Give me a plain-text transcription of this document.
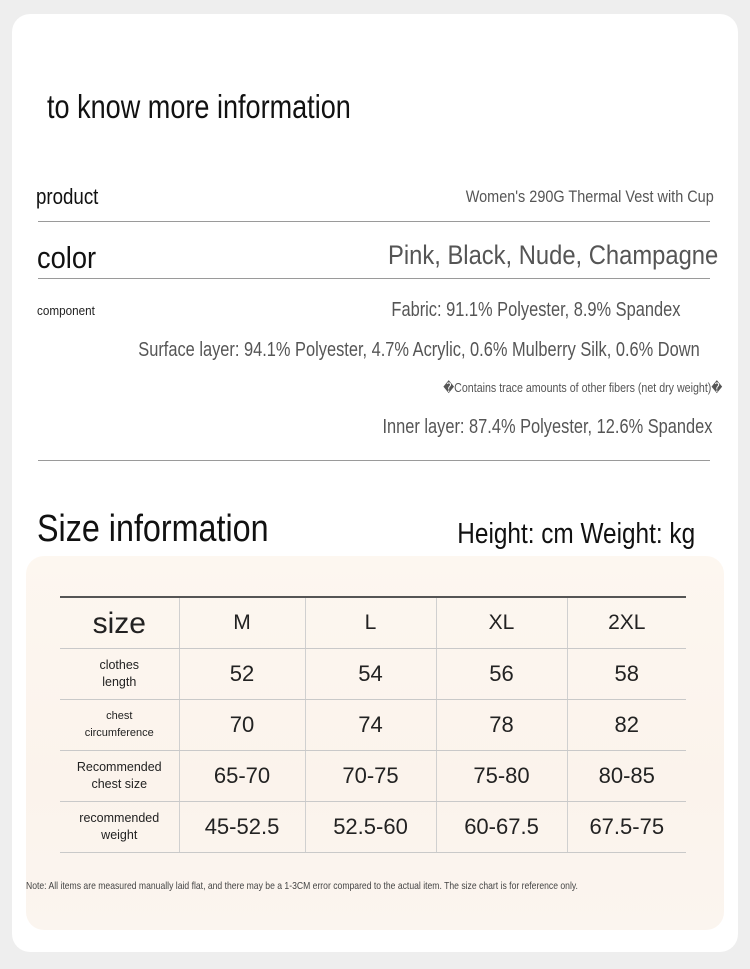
to know more information
product	Women's 290G Thermal Vest with Cup
color	Pink, Black, Nude, Champagne
component	Fabric: 91.1% Polyester, 8.9% Spandex
Surface layer: 94.1% Polyester, 4.7% Acrylic, 0.6% Mulberry Silk, 0.6% Down
�Contains trace amounts of other fibers (net dry weight)�
Inner layer: 87.4% Polyester, 12.6% Spandex
Size information	Height: cm Weight: kg
size	M	L	XL	2XL
clothes length	52	54	56	58
chest circumference	70	74	78	82
Recommended chest size	65-70	70-75	75-80	80-85
recommended weight	45-52.5	52.5-60	60-67.5	67.5-75
Note: All items are measured manually laid flat, and there may be a 1-3CM error compared to the actual item. The size chart is for reference only.
